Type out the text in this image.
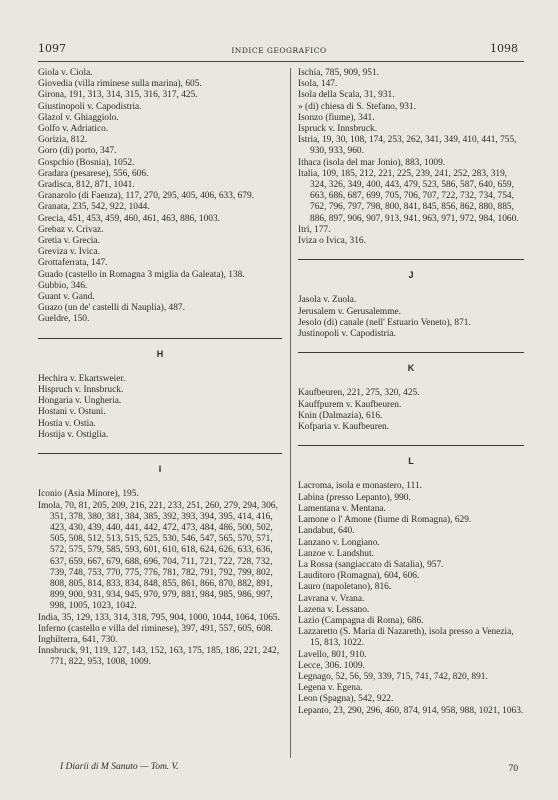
1097	INDICE GEOGRAFICO	1098

Giola v. Ciola.

Giovedia (villa riminese sulla marina), 605.

Girona, 191, 313, 314, 315, 316, 317, 425.

Giustinopoli v. Capodistria.

Glazol v. Ghiaggiolo.

Golfo v. Adriatico.

Gorizia, 812.

Goro (di) porto, 347.

Gospchio (Bosnia), 1052.

Gradara (pesarese), 556, 606.

Gradisca, 812, 871, 1041.

Granarolo (di Faenza), 117, 270, 295, 405, 406, 633, 679.

Granata, 235, 542, 922, 1044.

Grecia, 451, 453, 459, 460, 461, 463, 886, 1003.

Grebaz v. Crivaz.

Gretia v. Grecia.

Greviza v. Ivica.

Grottaferrata, 147.

Guado (castello in Romagna 3 miglia da Galeata), 138.

Gubbio, 346.

Guant v. Gand.

Guazo (un de' castelli di Nauplia), 487.

Gueldre, 150.

H

Hechira v. Ekartsweier.

Hispruch v. Innsbruck.

Hongaria v. Ungheria.

Hostani v. Ostuni.

Hostia v. Ostia.

Hostija v. Ostiglia.

I

Iconio (Asia Minore), 195.

Imola, 70, 81, 205, 209, 216, 221, 233, 251, 260, 279, 294, 306, 351, 378, 380, 381, 384, 385, 392, 393, 394, 395, 414, 416, 423, 430, 439, 440, 441, 442, 472, 473, 484, 486, 500, 502, 505, 508, 512, 513, 515, 525, 530, 546, 547, 565, 570, 571, 572, 575, 579, 585, 593, 601, 610, 618, 624, 626, 633, 636, 637, 659, 667, 679, 688, 696, 704, 711, 721, 722, 728, 732, 739, 748, 753, 770, 775, 776, 781, 782, 791, 792, 799, 802, 808, 805, 814, 833, 834, 848, 855, 861, 866, 870, 882, 891, 899, 900, 931, 934, 945, 970, 979, 881, 984, 985, 986, 997, 998, 1005, 1023, 1042.

India, 35, 129, 133, 314, 318, 795, 904, 1000, 1044, 1064, 1065.

Inferno (castello e villa del riminese), 397, 491, 557, 605, 608.

Inghilterra, 641, 730.

Innsbruck, 91, 119, 127, 143, 152, 163, 175, 185, 186, 221, 242, 771, 822, 953, 1008, 1009.

Ischia, 785, 909, 951.

Isola, 147.

Isola della Scala, 31, 931.

» (di) chiesa di S. Stefano, 931.

Isonzo (fiume), 341.

Ispruck v. Innsbruck.

Istria, 19, 30, 108, 174, 253, 262, 341, 349, 410, 441, 755, 930, 933, 960.

Ithaca (isola del mar Jonio), 883, 1009.

Italia, 109, 185, 212, 221, 225, 239, 241, 252, 283, 319, 324, 326, 349, 400, 443, 479, 523, 586, 587, 640, 659, 663, 686, 687, 699, 705, 706, 707, 722, 732, 734, 754, 762, 796, 797, 798, 800, 841, 845, 856, 862, 880, 885, 886, 897, 906, 907, 913, 941, 963, 971, 972, 984, 1060.

Itri, 177.

Iviza o Ivica, 316.

J

Jasola v. Zuola.

Jerusalem v. Gerusalemme.

Jesolo (di) canale (nell' Estuario Veneto), 871.

Justinopoli v. Capodistria.

K

Kaufbeuren, 221, 275, 320, 425.

Kauffpurem v. Kaufbeuren.

Knin (Dalmazia), 616.

Kofparia v. Kaufbeuren.

L

Lacroma, isola e monastero, 111.

Labina (presso Lepanto), 990.

Lamentana v. Mentana.

Lamone o l' Amone (fiume di Romagna), 629.

Landabut, 640.

Lanzano v. Longiano.

Lanzoe v. Landshut.

La Rossa (sangiaccato di Satalia), 957.

Lauditoro (Romagna), 604, 606.

Lauro (napoletano), 816.

Lavrana v. Vrana.

Lazena v. Lessano.

Lazio (Campagna di Roma), 686.

Lazzaretto (S. Maria di Nazareth), isola presso a Venezia, 15, 813, 1022.

Lavello, 801, 910.

Lecce, 306. 1009.

Legnago, 52, 56, 59, 339, 715, 741, 742, 820, 891.

Legena v. Egena.

Leon (Spagna), 542, 922.

Lepanto, 23, 290, 296, 460, 874, 914, 958, 988, 1021, 1063.

I Diarii di M Sanuto — Tom. V.	70
